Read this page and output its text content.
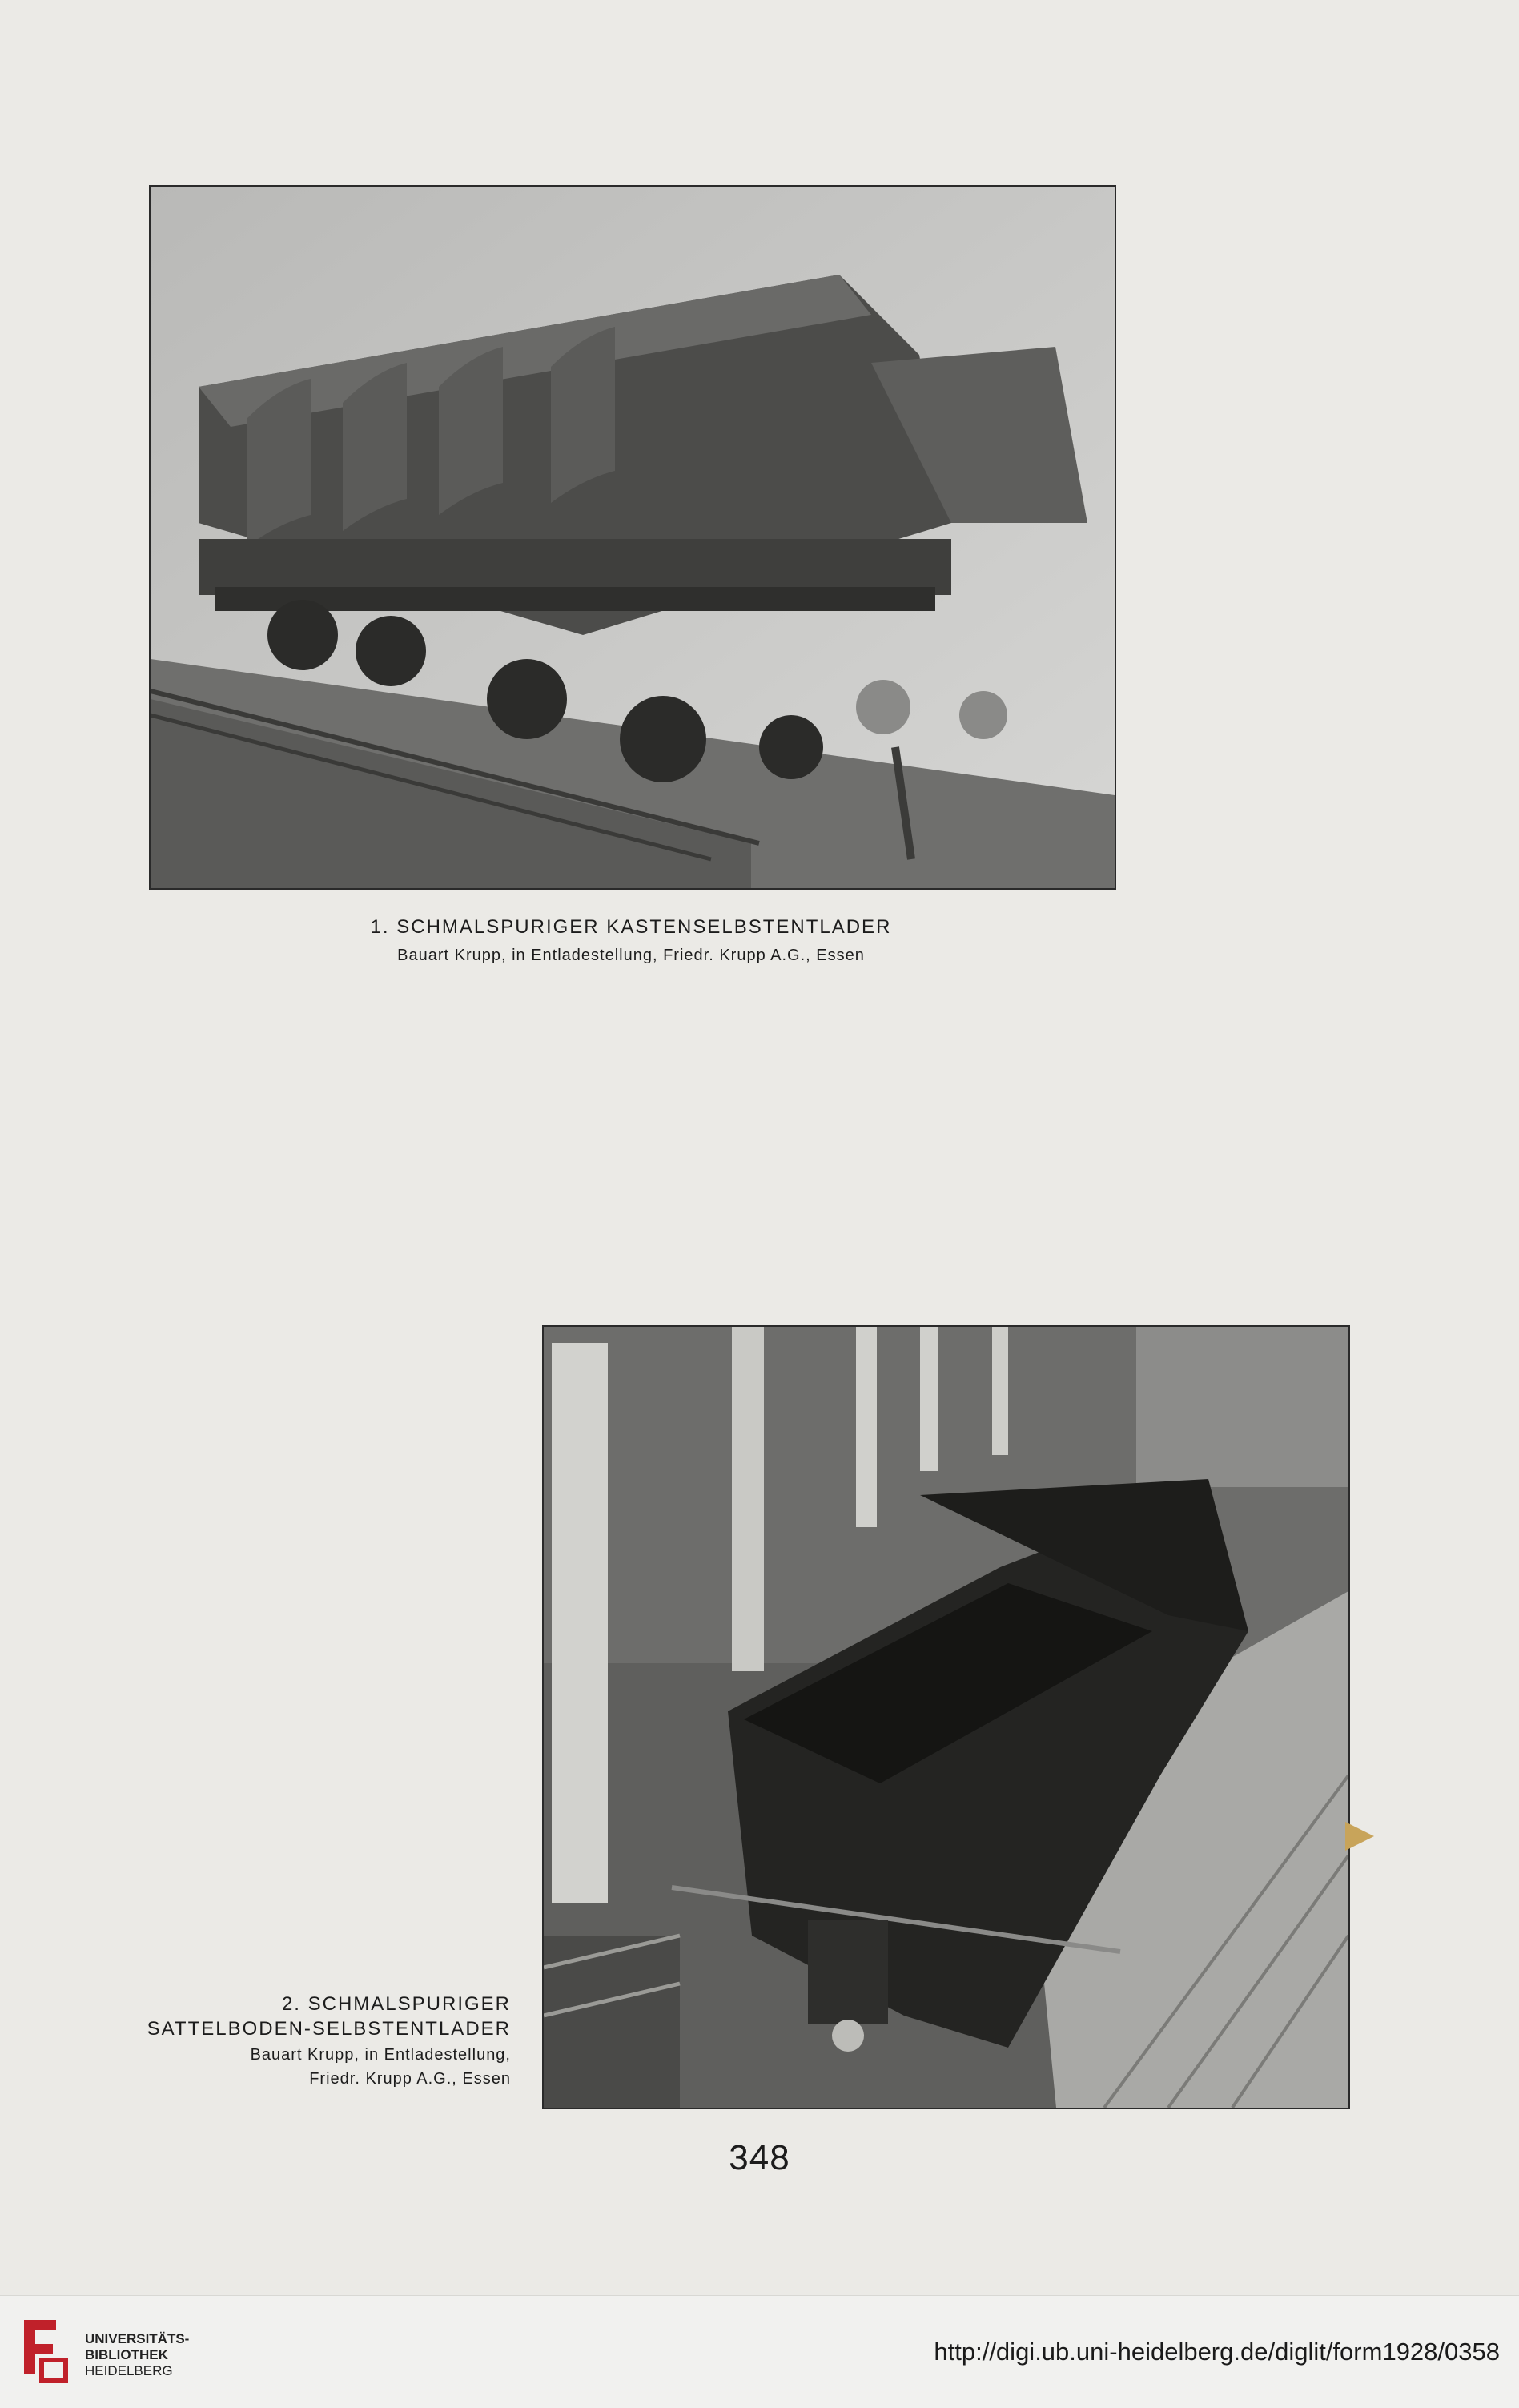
1. SCHMALSPURIGER KASTENSELBSTENTLADER
Bauart Krupp, in Entladestellung, Friedr. Krupp A.G., Essen
2. SCHMALSPURIGER
SATTELBODEN-SELBSTENTLADER
Bauart Krupp, in Entladestellung,
Friedr. Krupp A.G., Essen
348
UNIVERSITÄTS-
BIBLIOTHEK
HEIDELBERG
http://digi.ub.uni-heidelberg.de/diglit/form1928/0358
